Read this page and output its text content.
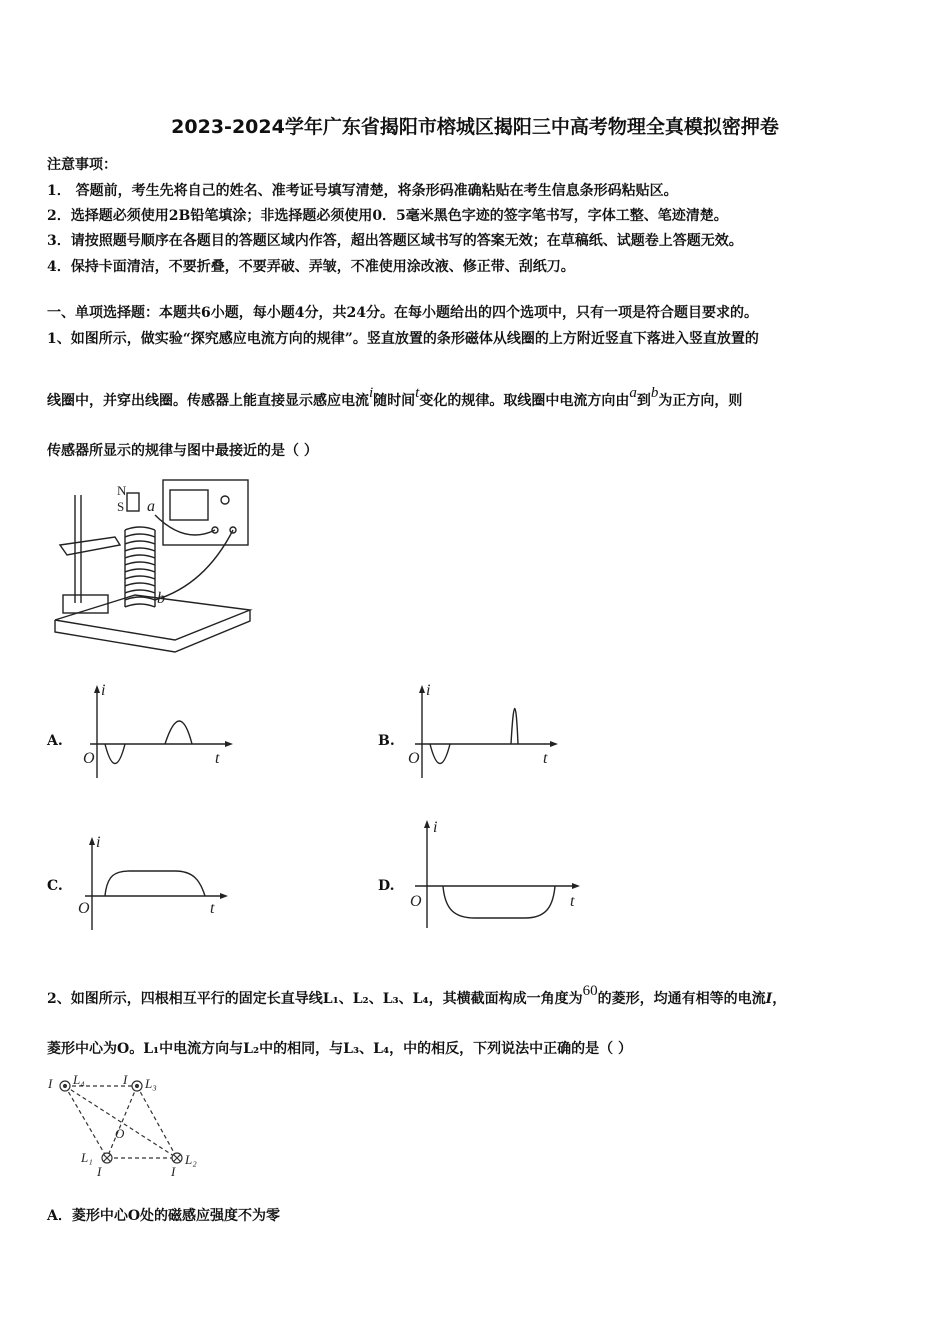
2023-2024学年广东省揭阳市榕城区揭阳三中高考物理全真模拟密押卷
注意事项：
1． 答题前，考生先将自己的姓名、准考证号填写清楚，将条形码准确粘贴在考生信息条形码粘贴区。
2．选择题必须使用2B铅笔填涂；非选择题必须使用0．5毫米黑色字迹的签字笔书写，字体工整、笔迹清楚。
3．请按照题号顺序在各题目的答题区域内作答，超出答题区域书写的答案无效；在草稿纸、试题卷上答题无效。
4．保持卡面清洁，不要折叠，不要弄破、弄皱，不准使用涂改液、修正带、刮纸刀。
一、单项选择题：本题共6小题，每小题4分，共24分。在每小题给出的四个选项中，只有一项是符合题目要求的。
1、如图所示，做实验“探究感应电流方向的规律”。竖直放置的条形磁体从线圈的上方附近竖直下落进入竖直放置的
线圈中，并穿出线圈。传感器上能直接显示感应电流i随时间t变化的规律。取线圈中电流方向由a到b为正方向，则
传感器所显示的规律与图中最接近的是（ ）
N
S a
b
A.
i
t
O
B.
i
t
O
C.
i
t
O
D.
i
t
O
2、如图所示，四根相互平行的固定长直导线L₁、L₂、L₃、L₄，其横截面构成一角度为60的菱形，均通有相等的电流I，
菱形中心为O。L₁中电流方向与L₂中的相同，与L₃、L₄，中的相反，下列说法中正确的是（ ）
I L₄	I L₃
O
L₁
I
L₂
I
A．菱形中心O处的磁感应强度不为零
